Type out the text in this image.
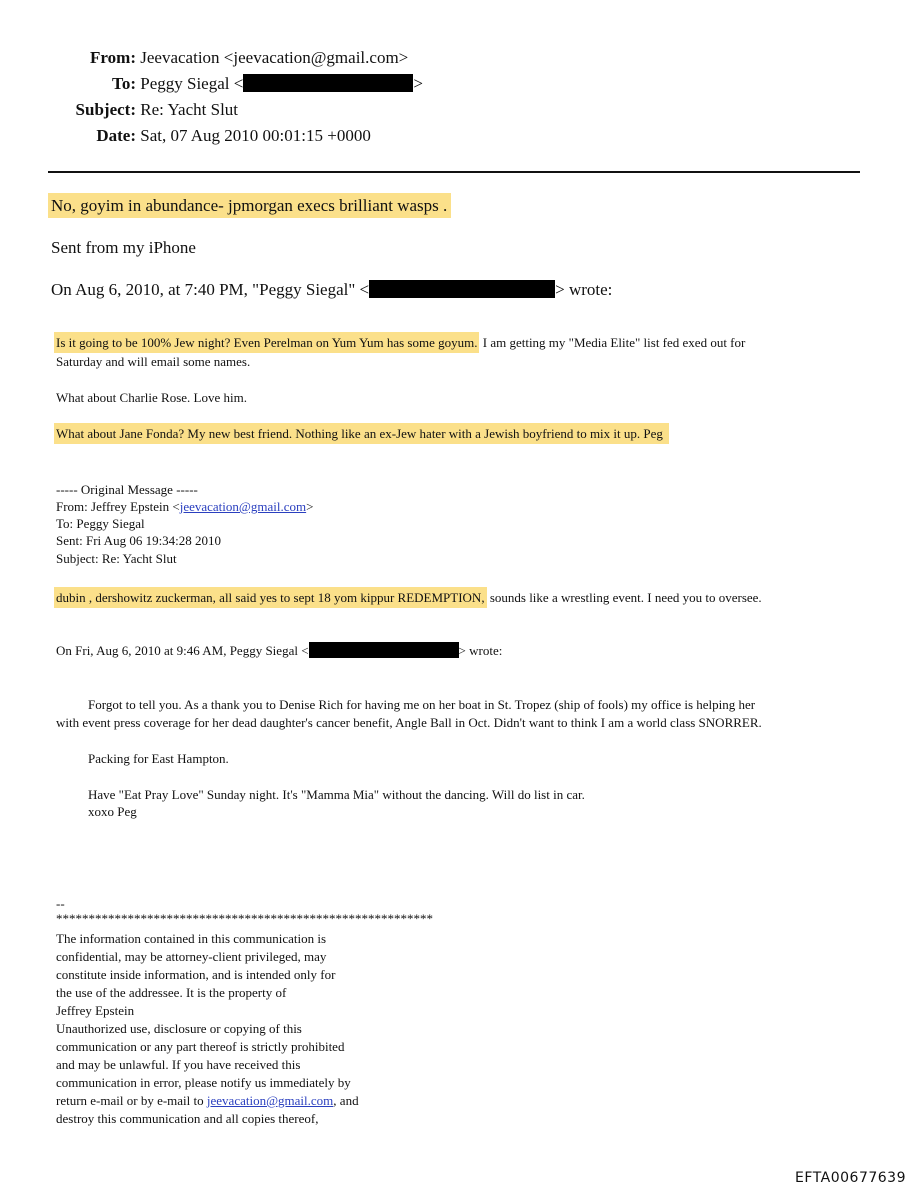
From: Jeevacation <jeevacation@gmail.com>
To: Peggy Siegal <	>
Subject: Re: Yacht Slut
Date: Sat, 07 Aug 2010 00:01:15 +0000
No, goyim in abundance- jpmorgan execs brilliant wasps .
Sent from my iPhone
On Aug 6, 2010, at 7:40 PM, "Peggy Siegal" <	> wrote:
Is it going to be 100% Jew night? Even Perelman on Yum Yum has some goyum. I am getting my "Media Elite" list fed exed out for
Saturday and will email some names.
What about Charlie Rose. Love him.
What about Jane Fonda? My new best friend. Nothing like an ex-Jew hater with a Jewish boyfriend to mix it up. Peg
----- Original Message -----
From: Jeffrey Epstein <jeevacation@gmail.com>
To: Peggy Siegal
Sent: Fri Aug 06 19:34:28 2010
Subject: Re: Yacht Slut
dubin , dershowitz zuckerman, all said yes to sept 18 yom kippur REDEMPTION, sounds like a wrestling event. I need you to oversee.
On Fri, Aug 6, 2010 at 9:46 AM, Peggy Siegal <	> wrote:
Forgot to tell you. As a thank you to Denise Rich for having me on her boat in St. Tropez (ship of fools) my office is helping her
with event press coverage for her dead daughter's cancer benefit, Angle Ball in Oct. Didn't want to think I am a world class SNORRER.
Packing for East Hampton.
Have "Eat Pray Love" Sunday night. It's "Mamma Mia" without the dancing. Will do list in car.
xoxo Peg
--
**********************************************************
The information contained in this communication is
confidential, may be attorney-client privileged, may
constitute inside information, and is intended only for
the use of the addressee. It is the property of
Jeffrey Epstein
Unauthorized use, disclosure or copying of this
communication or any part thereof is strictly prohibited
and may be unlawful. If you have received this
communication in error, please notify us immediately by
return e-mail or by e-mail to jeevacation@gmail.com, and
destroy this communication and all copies thereof,
EFTA00677639
